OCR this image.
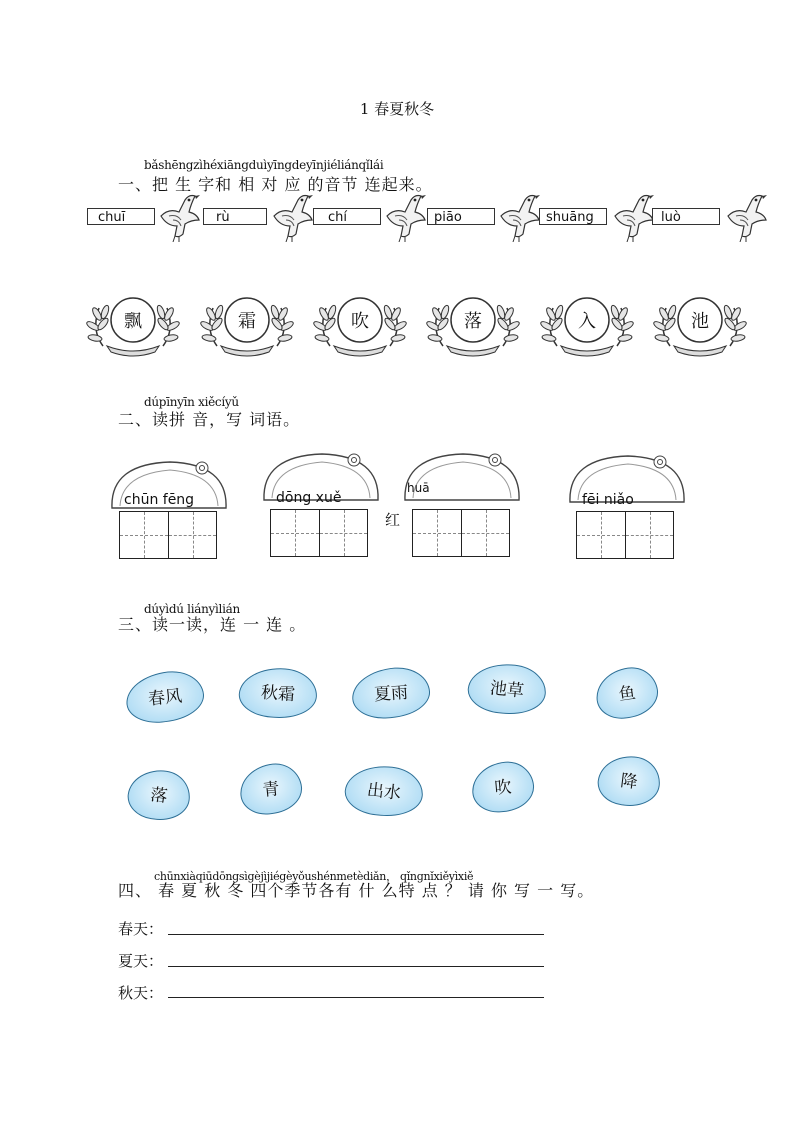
1 春夏秋冬
bǎshēngzìhéxiāngduìyīngdeyīnjiéliánqǐlái
一、把 生 字和 相 对 应 的音节 连起来。
chuī	rù	chí	piāo	shuāng	luò
飘	霜	吹	落	入	池
dúpīnyīn xiěcíyǔ
二、读拼 音，写 词语。
chūn fēng	dōng xuě
红
huā
fēi niǎo
dúyìdú liányìlián
三、读一读，连 一 连 。
春风	秋霜	夏雨	池草	鱼
落	青	出水	吹	降
chūnxiàqiūdōngsìgèjìjiégèyǒushénmetèdiǎn， qǐngnǐxiěyìxiě
四、 春 夏 秋 冬 四个季节各有 什 么特 点 ？ 请 你 写 一 写。
春天：
夏天：
秋天：
